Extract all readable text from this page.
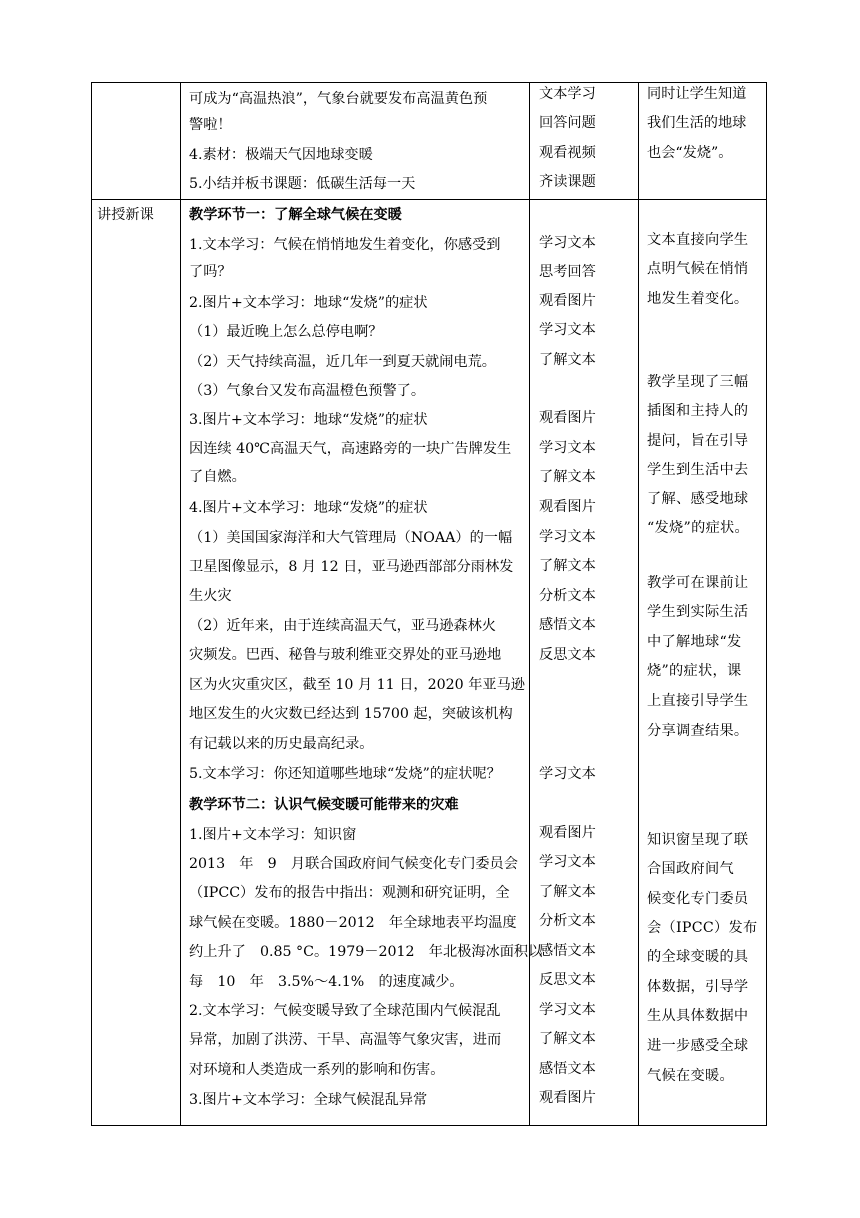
可成为“高温热浪”，气象台就要发布高温黄色预
警啦！
4.素材：极端天气因地球变暖
5.小结并板书课题：低碳生活每一天
文本学习
回答问题
观看视频
齐读课题
同时让学生知道
我们生活的地球
也会“发烧”。
讲授新课 教学环节一：了解全球气候在变暖
1.文本学习：气候在悄悄地发生着变化，你感受到
了吗？
2.图片+文本学习：地球“发烧”的症状
（1）最近晚上怎么总停电啊？
（2）天气持续高温，近几年一到夏天就闹电荒。
（3）气象台又发布高温橙色预警了。
3.图片+文本学习：地球“发烧”的症状
因连续 40℃高温天气，高速路旁的一块广告牌发生
了自燃。
4.图片+文本学习：地球“发烧”的症状
（1）美国国家海洋和大气管理局（NOAA）的一幅
卫星图像显示，8 月 12 日，亚马逊西部部分雨林发
生火灾
（2）近年来，由于连续高温天气，亚马逊森林火
灾频发。巴西、秘鲁与玻利维亚交界处的亚马逊地
区为火灾重灾区，截至 10 月 11 日，2020 年亚马逊
地区发生的火灾数已经达到 15700 起，突破该机构
有记载以来的历史最高纪录。
5.文本学习：你还知道哪些地球“发烧”的症状呢？
教学环节二：认识气候变暖可能带来的灾难
1.图片+文本学习：知识窗
2013　年　9　月联合国政府间气候变化专门委员会
（IPCC）发布的报告中指出：观测和研究证明，全
球气候在变暖。1880－2012　年全球地表平均温度
约上升了　0.85 °C。1979－2012　年北极海冰面积以
每　10　年　3.5%～4.1%　的速度减少。
2.文本学习：气候变暖导致了全球范围内气候混乱
异常，加剧了洪涝、干旱、高温等气象灾害，进而
对环境和人类造成一系列的影响和伤害。
3.图片+文本学习：全球气候混乱异常
学习文本
思考回答
观看图片
学习文本
了解文本
观看图片
学习文本
了解文本
观看图片
学习文本
了解文本
分析文本
感悟文本
反思文本
学习文本
观看图片
学习文本
了解文本
分析文本
感悟文本
反思文本
学习文本
了解文本
感悟文本
观看图片
文本直接向学生
点明气候在悄悄
地发生着变化。
教学呈现了三幅
插图和主持人的
提问，旨在引导
学生到生活中去
了解、感受地球
“发烧”的症状。
教学可在课前让
学生到实际生活
中了解地球“发
烧”的症状，课
上直接引导学生
分享调查结果。
知识窗呈现了联
合国政府间气
候变化专门委员
会（IPCC）发布
的全球变暖的具
体数据，引导学
生从具体数据中
进一步感受全球
气候在变暖。
